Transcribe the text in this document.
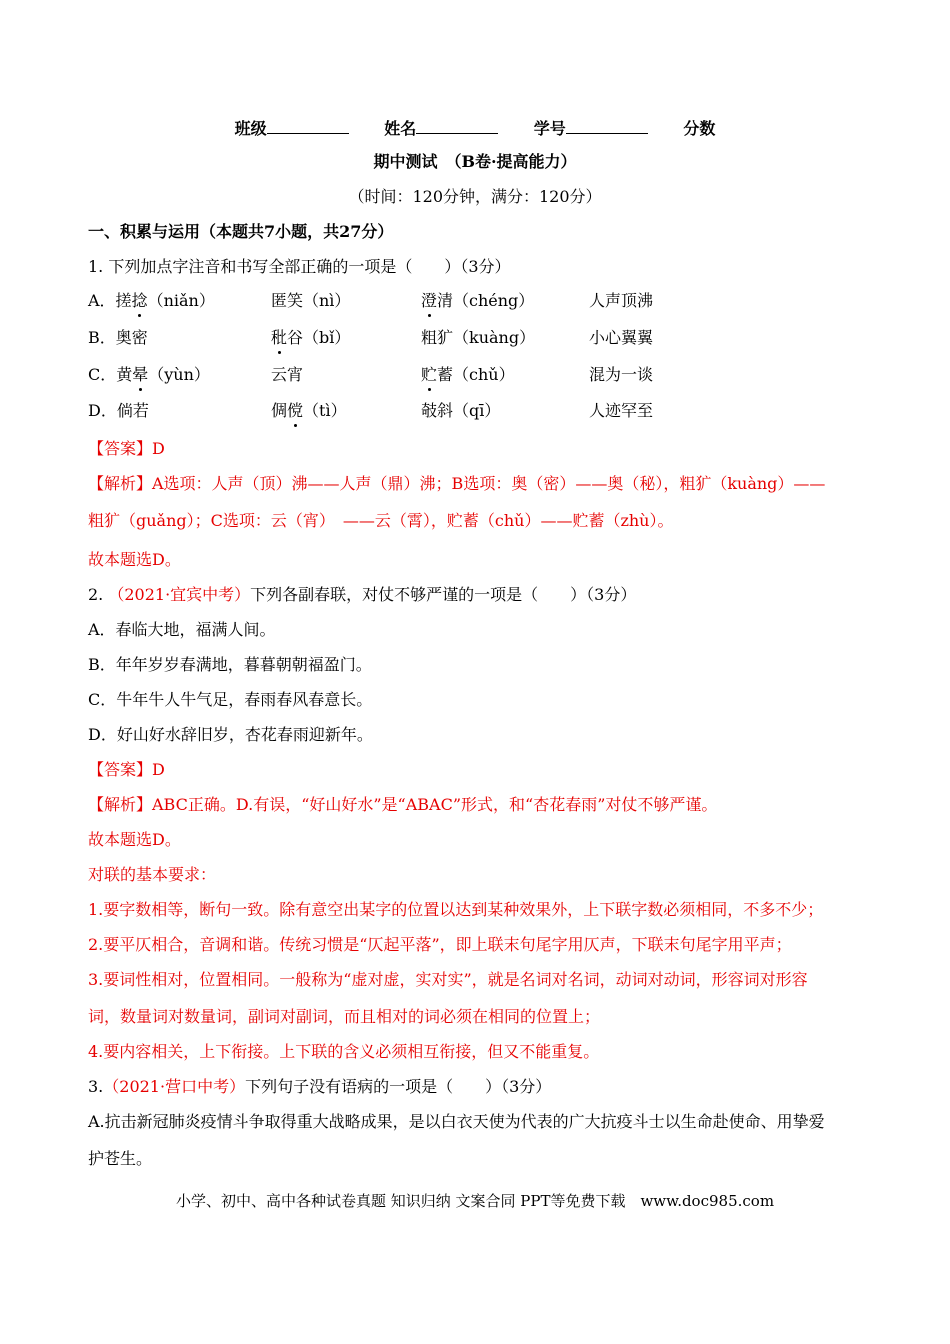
班级	姓名	学号	分数
期中测试　（B卷·提高能力）
（时间：120分钟，满分：120分）
一、积累与运用（本题共7小题，共27分）
1. 下列加点字注音和书写全部正确的一项是（　　）（3分）
A．搓捻（niǎn）	匿笑（nì）	澄清（chéng）	人声顶沸
B．奥密	秕谷（bǐ）	粗犷（kuàng）	小心翼翼
C．黄晕（yùn）	云宵	贮蓄（chǔ）	混为一谈
D．倘若	倜傥（tì）	攲斜（qī）	人迹罕至
【答案】D
【解析】A选项：人声（顶）沸——人声（鼎）沸；B选项：奥（密）——奥（秘），粗犷（kuàng）——
粗犷（guǎng）；C选项：云（宵）　——云（霄），贮蓄（chǔ）——贮蓄（zhù）。
故本题选D。
2. （2021·宜宾中考）下列各副春联，对仗不够严谨的一项是（　　）（3分）
A．春临大地，福满人间。
B．年年岁岁春满地，暮暮朝朝福盈门。
C．牛年牛人牛气足，春雨春风春意长。
D．好山好水辞旧岁，杏花春雨迎新年。
【答案】D
【解析】ABC正确。D.有误，“好山好水”是“ABAC”形式，和“杏花春雨”对仗不够严谨。
故本题选D。
对联的基本要求：
1.要字数相等，断句一致。除有意空出某字的位置以达到某种效果外，上下联字数必须相同，不多不少；
2.要平仄相合，音调和谐。传统习惯是“仄起平落”，即上联末句尾字用仄声，下联末句尾字用平声；
3.要词性相对，位置相同。一般称为“虚对虚，实对实”，就是名词对名词，动词对动词，形容词对形容
词，数量词对数量词，副词对副词，而且相对的词必须在相同的位置上；
4.要内容相关，上下衔接。上下联的含义必须相互衔接，但又不能重复。
3.（2021·营口中考）下列句子没有语病的一项是（　　）（3分）
A.抗击新冠肺炎疫情斗争取得重大战略成果，是以白衣天使为代表的广大抗疫斗士以生命赴使命、用挚爱
护苍生。
小学、初中、高中各种试卷真题 知识归纳 文案合同 PPT等免费下载　www.doc985.com
